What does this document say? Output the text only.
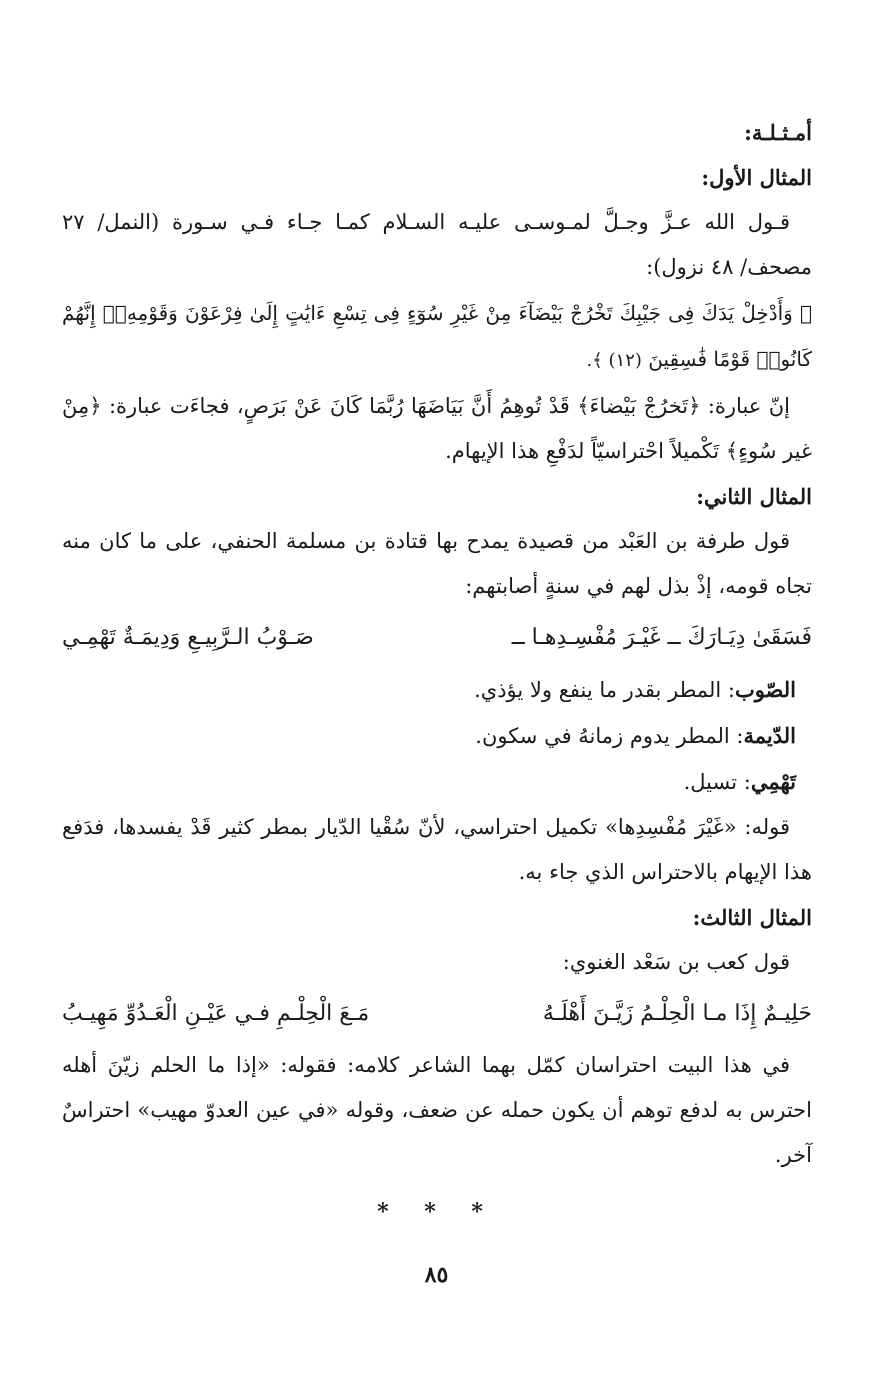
أمـثـلـة:
المثال الأول:
قـول الله عـزَّ وجـلَّ لمـوسـى عليـه السـلام كمـا جـاء فـي سـورة (النمل/ ٢٧ مصحف/ ٤٨ نزول):
﴿ وَأَدْخِلْ يَدَكَ فِى جَيْبِكَ تَخْرُجْ بَيْضَآءَ مِنْ غَيْرِ سُوٓءٍ فِى تِسْعِ ءَايَٰتٍ إِلَىٰ فِرْعَوْنَ وَقَوْمِهِۦٓ إِنَّهُمْ كَانُوا۟ قَوْمًا فَٰسِقِينَ (١٢) ﴾.
إنّ عبارة: ﴿تَخرُجْ بَيْضاءَ﴾ قَدْ تُوهِمُ أَنَّ بَيَاضَهَا رُبَّمَا كَانَ عَنْ بَرَصٍ، فجاءَت عبارة: ﴿مِنْ غير سُوءٍ﴾ تَكْميلاً احْتراسيّاً لدَفْعِ هذا الإيهام.
المثال الثاني:
قول طرفة بن العَبْد من قصيدة يمدح بها قتادة بن مسلمة الحنفي، على ما كان منه تجاه قومه، إذْ بذل لهم في سنةٍ أصابتهم:
فَسَقَىٰ دِيَـارَكَ ــ غَيْـرَ مُفْسِـدِهـا ــ
صَـوْبُ الـرَّبِيـعِ وَدِيمَـةٌ تَهْمِـي
الصّوب: المطر بقدر ما ينفع ولا يؤذي.
الدّيمة: المطر يدوم زمانهُ في سكون.
تَهْمِي: تسيل.
قوله: «غَيْرَ مُفْسِدِها» تكميل احتراسي، لأنّ سُقْيا الدّيار بمطر كثير قَدْ يفسدها، فدَفع هذا الإيهام بالاحتراس الذي جاء به.
المثال الثالث:
قول كعب بن سَعْد الغنوي:
حَلِيـمٌ إِذَا مـا الْحِلْـمُ زَيَّـنَ أَهْلَـهُ
مَـعَ الْحِلْـمِ فـي عَيْـنِ الْعَـدُوِّ مَهِيـبُ
في هذا البيت احتراسان كمّل بهما الشاعر كلامه: فقوله: «إذا ما الحلم زيّنَ أهله احترس به لدفع توهم أن يكون حمله عن ضعف، وقوله «في عين العدوّ مهيب» احتراسٌ آخر.
* * *
٨٥
